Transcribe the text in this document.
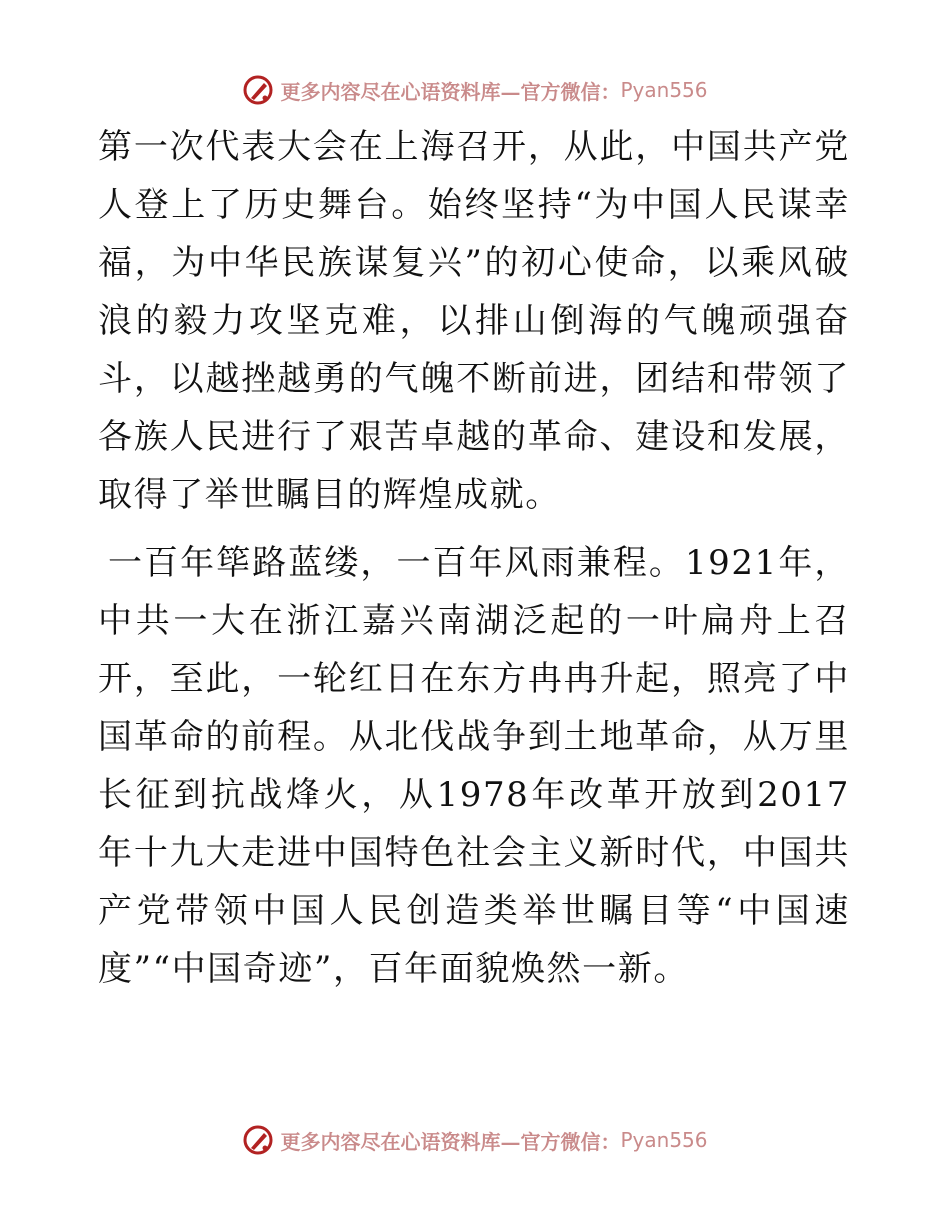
更多内容尽在心语资料库—官方微信： Pyan556

第一次代表大会在上海召开，从此，中国共产党人登上了历史舞台。始终坚持“为中国人民谋幸福，为中华民族谋复兴”的初心使命，以乘风破浪的毅力攻坚克难，以排山倒海的气魄顽强奋斗，以越挫越勇的气魄不断前进，团结和带领了各族人民进行了艰苦卓越的革命、建设和发展，取得了举世瞩目的辉煌成就。

一百年筚路蓝缕，一百年风雨兼程。1921年，中共一大在浙江嘉兴南湖泛起的一叶扁舟上召开，至此，一轮红日在东方冉冉升起，照亮了中国革命的前程。从北伐战争到土地革命，从万里长征到抗战烽火，从1978年改革开放到2017年十九大走进中国特色社会主义新时代，中国共产党带领中国人民创造类举世瞩目等“中国速度”“中国奇迹”，百年面貌焕然一新。

更多内容尽在心语资料库—官方微信： Pyan556
